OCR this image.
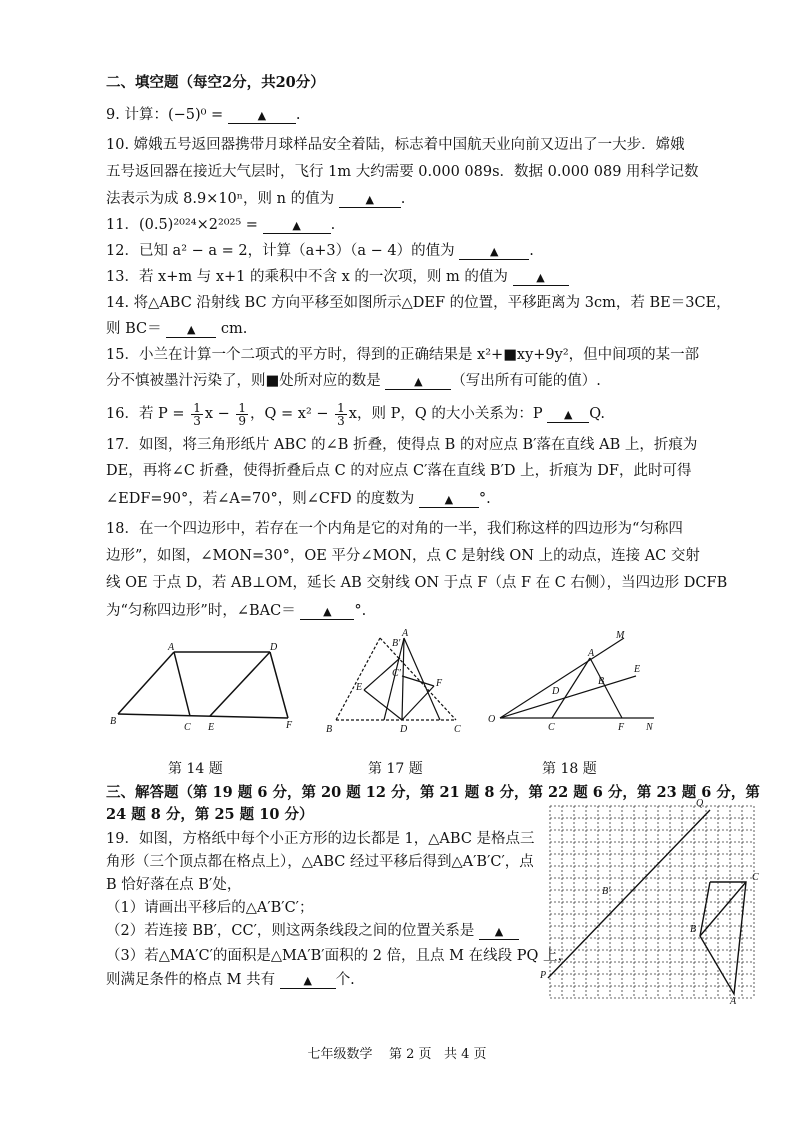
二、填空题（每空2分，共20分）
9. 计算：(−5)⁰ =	▲ .
10. 嫦娥五号返回器携带月球样品安全着陆，标志着中国航天业向前又迈出了一大步．嫦娥
五号返回器在接近大气层时，飞行 1m 大约需要 0.000 089s．数据 0.000 089 用科学记数
法表示为成 8.9×10ⁿ，则 n 的值为	▲ .
11．(0.5)²⁰²⁴×2²⁰²⁵ =	▲ .
12．已知 a² − a = 2，计算（a+3）（a − 4）的值为	▲ .
13．若 x+m 与 x+1 的乘积中不含 x 的一次项，则 m 的值为	▲
14. 将△ABC 沿射线 BC 方向平移至如图所示△DEF 的位置，平移距离为 3cm，若 BE＝3CE，
则 BC＝ ▲ cm.
15．小兰在计算一个二项式的平方时，得到的正确结果是 x²+■xy+9y²，但中间项的某一部
分不慎被墨汁污染了，则■处所对应的数是	▲ （写出所有可能的值）.
16．若 $P = \frac{1}{3}$ $x - \frac{1}{9}$ ，$Q = x^2 - \frac{1}{3}$ x，则 P，Q 的大小关系为：P ▲ Q.
17．如图，将三角形纸片 ABC 的∠B 折叠，使得点 B 的对应点 B′落在直线 AB 上，折痕为
DE，再将∠C 折叠，使得折叠后点 C 的对应点 C′落在直线 B′D 上，折痕为 DF，此时可得
∠EDF=90°，若∠A=70°，则∠CFD 的度数为	▲ °.
18．在一个四边形中，若存在一个内角是它的对角的一半，我们称这样的四边形为“匀称四
边形”，如图，∠MON=30°，OE 平分∠MON，点 C 是射线 ON 上的动点，连接 AC 交射
线 OE 于点 D，若 AB⊥OM，延长 AB 交射线 ON 于点 F（点 F 在 C 右侧），当四边形 DCFB
为“匀称四边形”时，∠BAC＝ ▲ °.
A	D
B
C E	F
A
B′
C′
E	F
B	D	C
M
E
A
B
D
O
C	F N
第 14 题	第 17 题	第 18 题
三、解答题（第 19 题 6 分，第 20 题 12 分，第 21 题 8 分，第 22 题 6 分，第 23 题 6 分，第
24 题 8 分，第 25 题 10 分）
19．如图，方格纸中每个小正方形的边长都是 1，△ABC 是格点三
角形（三个顶点都在格点上），△ABC 经过平移后得到△A′B′C′，点
B 恰好落在点 B′处，
（1）请画出平移后的△A′B′C′；
（2）若连接 BB′，CC′，则这两条线段之间的位置关系是 ▲
（3）若△MA′C′的面积是△MA′B′面积的 2 倍，且点 M 在线段 PQ 上，
则满足条件的格点 M 共有	▲ 个.
Q
C
B′
B
P
A
七年级数学 第 2 页 共 4 页
